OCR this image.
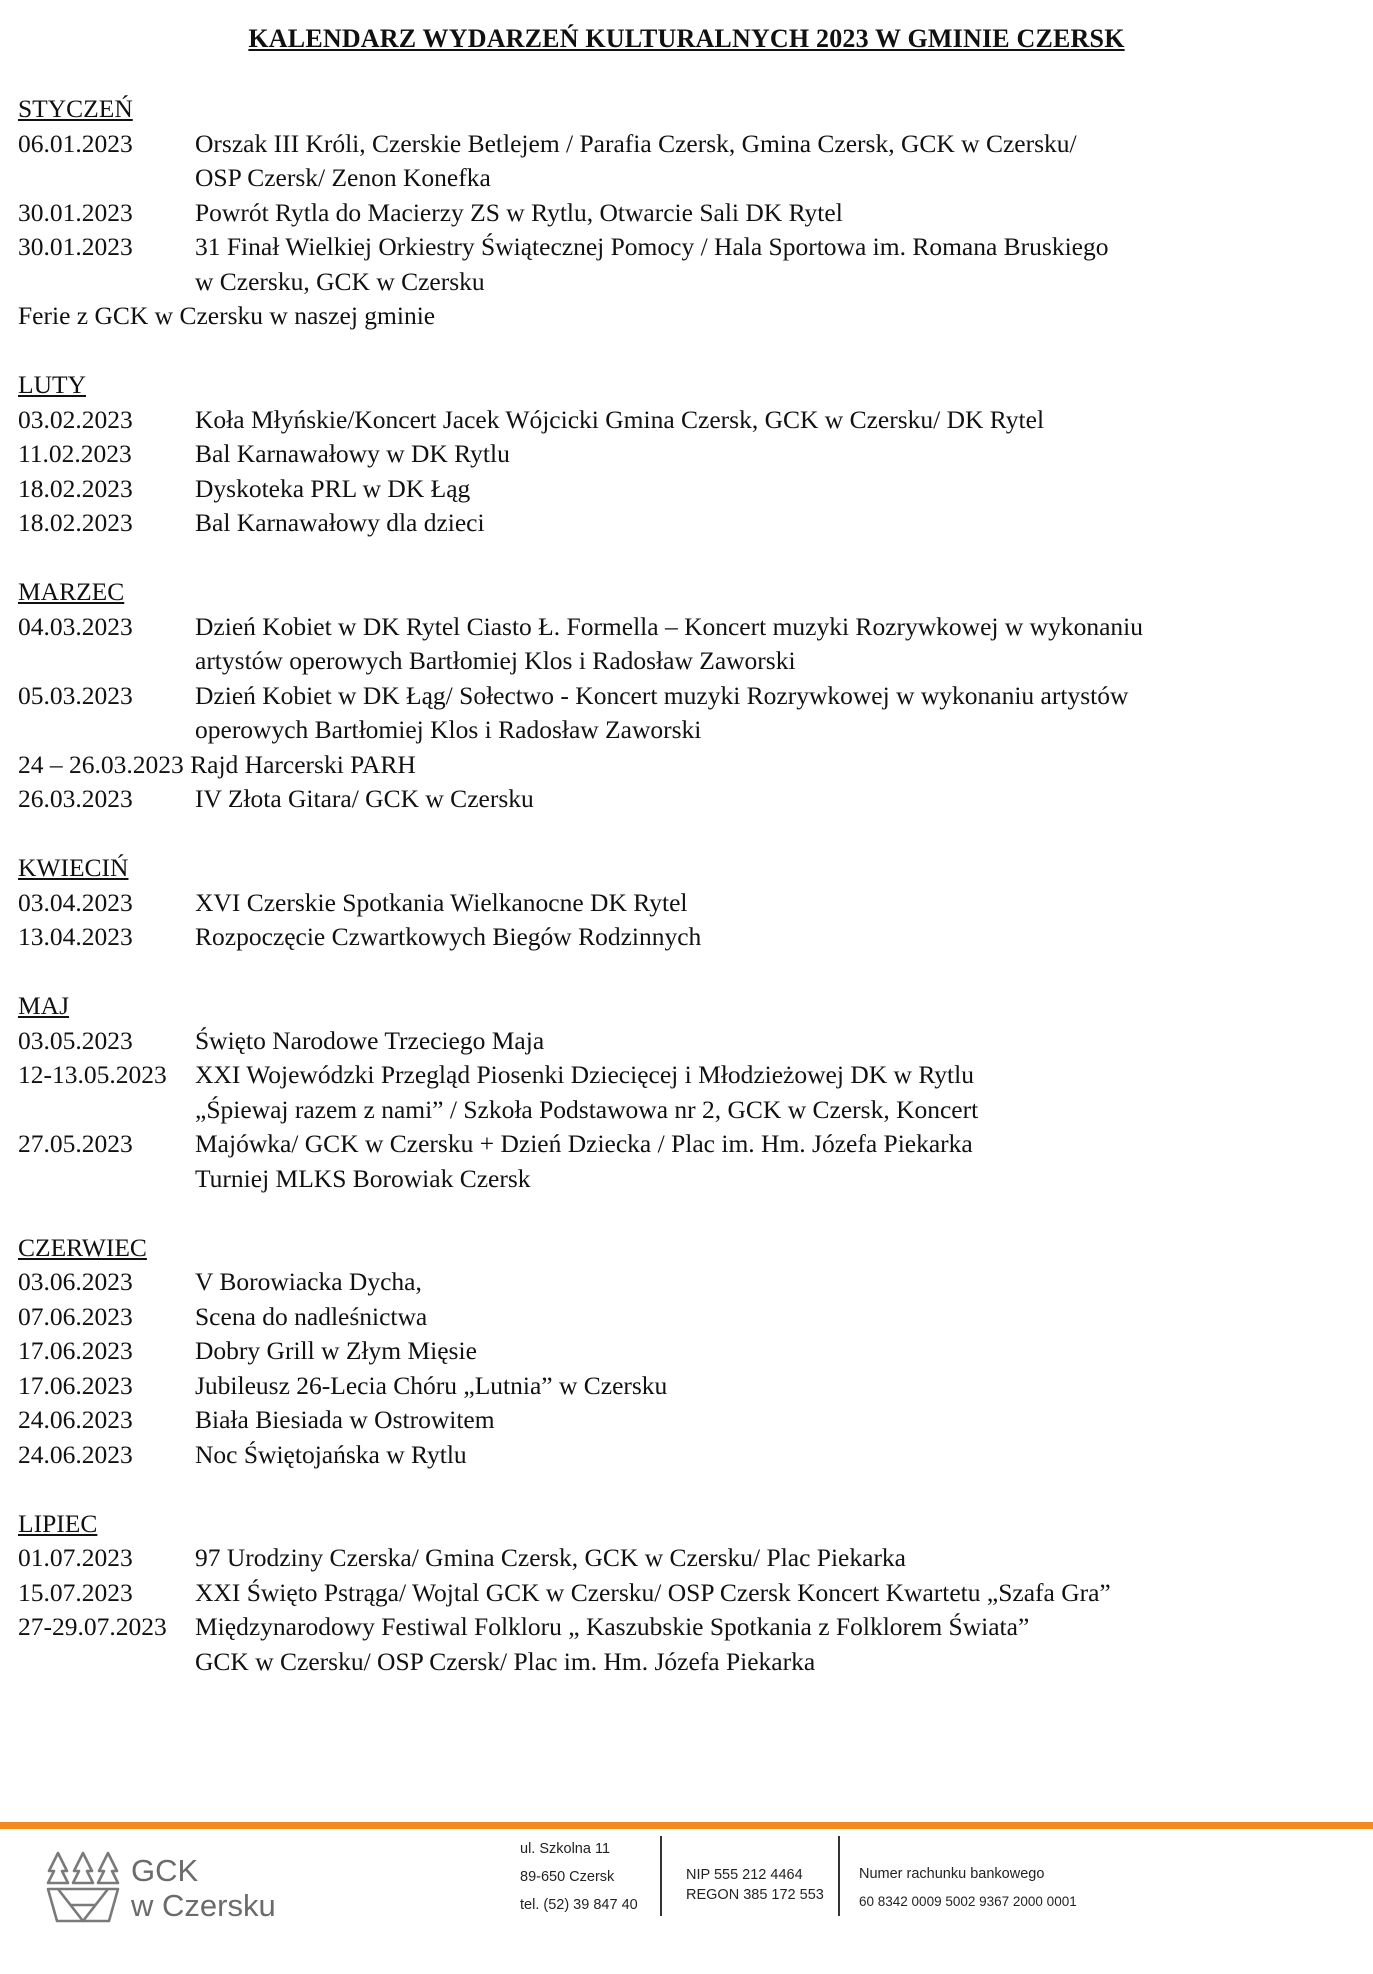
KALENDARZ WYDARZEŃ KULTURALNYCH 2023 W GMINIE CZERSK
STYCZEŃ
06.01.2023	Orszak III Króli, Czerskie Betlejem / Parafia Czersk, Gmina Czersk, GCK w Czersku/
OSP Czersk/ Zenon Konefka
30.01.2023	Powrót Rytla do Macierzy ZS w Rytlu, Otwarcie Sali DK Rytel
30.01.2023	31 Finał Wielkiej Orkiestry Świątecznej Pomocy / Hala Sportowa im. Romana Bruskiego
w Czersku, GCK w Czersku
Ferie z GCK w Czersku w naszej gminie
LUTY
03.02.2023	Koła Młyńskie/Koncert Jacek Wójcicki Gmina Czersk, GCK w Czersku/ DK Rytel
11.02.2023	Bal Karnawałowy w DK Rytlu
18.02.2023	Dyskoteka PRL w DK Łąg
18.02.2023	Bal Karnawałowy dla dzieci
MARZEC
04.03.2023	Dzień Kobiet w DK Rytel Ciasto Ł. Formella – Koncert muzyki Rozrywkowej w wykonaniu
artystów operowych Bartłomiej Klos i Radosław Zaworski
05.03.2023	Dzień Kobiet w DK Łąg/ Sołectwo - Koncert muzyki Rozrywkowej w wykonaniu artystów
operowych Bartłomiej Klos i Radosław Zaworski
24 – 26.03.2023 Rajd Harcerski PARH
26.03.2023	IV Złota Gitara/ GCK w Czersku
KWIECIŃ
03.04.2023	XVI Czerskie Spotkania Wielkanocne DK Rytel
13.04.2023	Rozpoczęcie Czwartkowych Biegów Rodzinnych
MAJ
03.05.2023	Święto Narodowe Trzeciego Maja
12-13.05.2023	XXI Wojewódzki Przegląd Piosenki Dziecięcej i Młodzieżowej DK w Rytlu
„Śpiewaj razem z nami” / Szkoła Podstawowa nr 2, GCK w Czersk, Koncert
27.05.2023	Majówka/ GCK w Czersku + Dzień Dziecka / Plac im. Hm. Józefa Piekarka
Turniej MLKS Borowiak Czersk
CZERWIEC
03.06.2023	V Borowiacka Dycha,
07.06.2023	Scena do nadleśnictwa
17.06.2023	Dobry Grill w Złym Mięsie
17.06.2023	Jubileusz 26-Lecia Chóru „Lutnia” w Czersku
24.06.2023	Biała Biesiada w Ostrowitem
24.06.2023	Noc Świętojańska w Rytlu
LIPIEC
01.07.2023	97 Urodziny Czerska/ Gmina Czersk, GCK w Czersku/ Plac Piekarka
15.07.2023	XXI Święto Pstrąga/ Wojtal GCK w Czersku/ OSP Czersk Koncert Kwartetu „Szafa Gra”
27-29.07.2023	Międzynarodowy Festiwal Folkloru „ Kaszubskie Spotkania z Folklorem Świata”
GCK w Czersku/ OSP Czersk/ Plac im. Hm. Józefa Piekarka
GCK
w Czersku
ul. Szkolna 11
89-650 Czersk
tel. (52) 39 847 40
NIP 555 212 4464
REGON 385 172 553
Numer rachunku bankowego
60 8342 0009 5002 9367 2000 0001
